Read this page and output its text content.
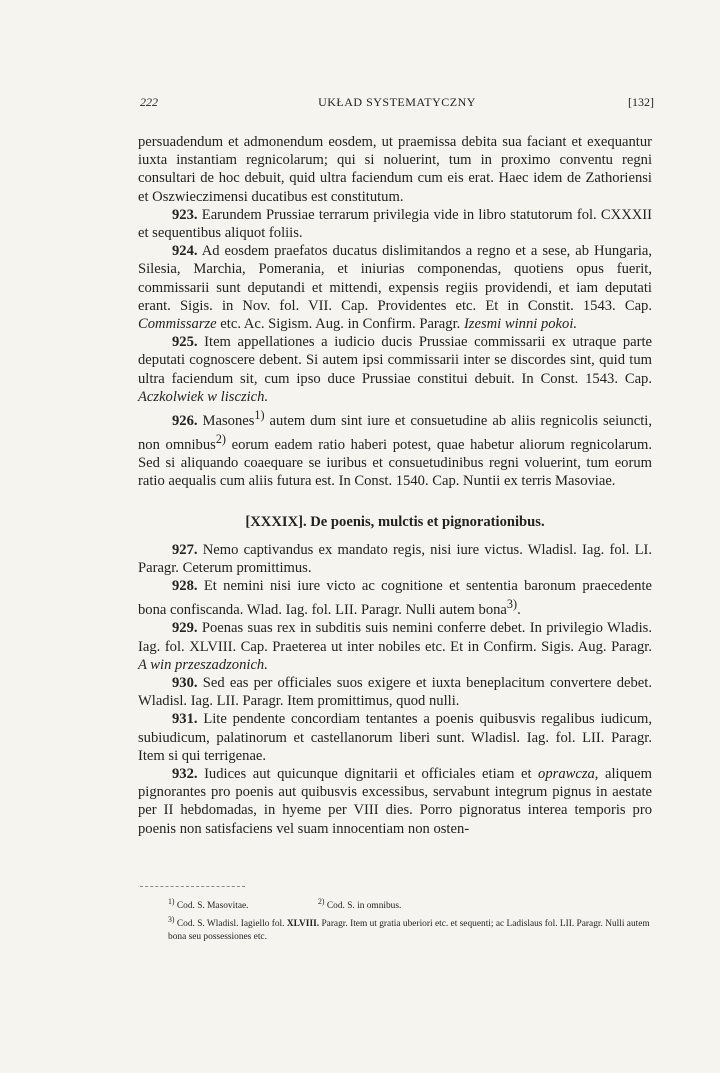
222	UKŁAD SYSTEMATYCZNY	[132]

persuadendum et admonendum eosdem, ut praemissa debita sua faciant et exequantur iuxta instantiam regnicolarum; qui si noluerint, tum in proximo conventu regni consultari de hoc debuit, quid ultra faciendum cum eis erat. Haec idem de Zathoriensi et Oszwieczimensi ducatibus est constitutum.

923. Earundem Prussiae terrarum privilegia vide in libro statutorum fol. CXXXII et sequentibus aliquot foliis.

924. Ad eosdem praefatos ducatus dislimitandos a regno et a sese, ab Hungaria, Silesia, Marchia, Pomerania, et iniurias componendas, quotiens opus fuerit, commissarii sunt deputandi et mittendi, expensis regiis providendi, et iam deputati erant. Sigis. in Nov. fol. VII. Cap. Providentes etc. Et in Constit. 1543. Cap. Commissarze etc. Ac. Sigism. Aug. in Confirm. Paragr. Izesmi winni pokoi.

925. Item appellationes a iudicio ducis Prussiae commissarii ex utraque parte deputati cognoscere debent. Si autem ipsi commissarii inter se discordes sint, quid tum ultra faciendum sit, cum ipso duce Prussiae constitui debuit. In Const. 1543. Cap. Aczkolwiek w lisczich.

926. Masones$^{1)}$ autem dum sint iure et consuetudine ab aliis regnicolis seiuncti, non omnibus$^{2)}$ eorum eadem ratio haberi potest, quae habetur aliorum regnicolarum. Sed si aliquando coaequare se iuribus et consuetudinibus regni voluerint, tum eorum ratio aequalis cum aliis futura est. In Const. 1540. Cap. Nuntii ex terris Masoviae.

[XXXIX]. De poenis, mulctis et pignorationibus.

927. Nemo captivandus ex mandato regis, nisi iure victus. Wladisl. Iag. fol. LI. Paragr. Ceterum promittimus.

928. Et nemini nisi iure victo ac cognitione et sententia baronum praecedente bona confiscanda. Wlad. Iag. fol. LII. Paragr. Nulli autem bona$^{3)}$.

929. Poenas suas rex in subditis suis nemini conferre debet. In privilegio Wladis. Iag. fol. XLVIII. Cap. Praeterea ut inter nobiles etc. Et in Confirm. Sigis. Aug. Paragr. A win przeszadzonich.

930. Sed eas per officiales suos exigere et iuxta beneplacitum convertere debet. Wladisl. Iag. LII. Paragr. Item promittimus, quod nulli.

931. Lite pendente concordiam tentantes a poenis quibusvis regalibus iudicum, subiudicum, palatinorum et castellanorum liberi sunt. Wladisl. Iag. fol. LII. Paragr. Item si qui terrigenae.

932. Iudices aut quicunque dignitarii et officiales etiam et oprawcza, aliquem pignorantes pro poenis aut quibusvis excessibus, servabunt integrum pignus in aestate per II hebdomadas, in hyeme per VIII dies. Porro pignoratus interea temporis pro poenis non satisfaciens vel suam innocentiam non osten-

$^{1)}$ Cod. S. Masovitae.	$^{2)}$ Cod. S. in omnibus.
$^{3)}$ Cod. S. Wladisl. Iagiello fol. XLVIII. Paragr. Item ut gratia uberiori etc. et sequenti; ac Ladislaus fol. LII. Paragr. Nulli autem bona seu possessiones etc.
